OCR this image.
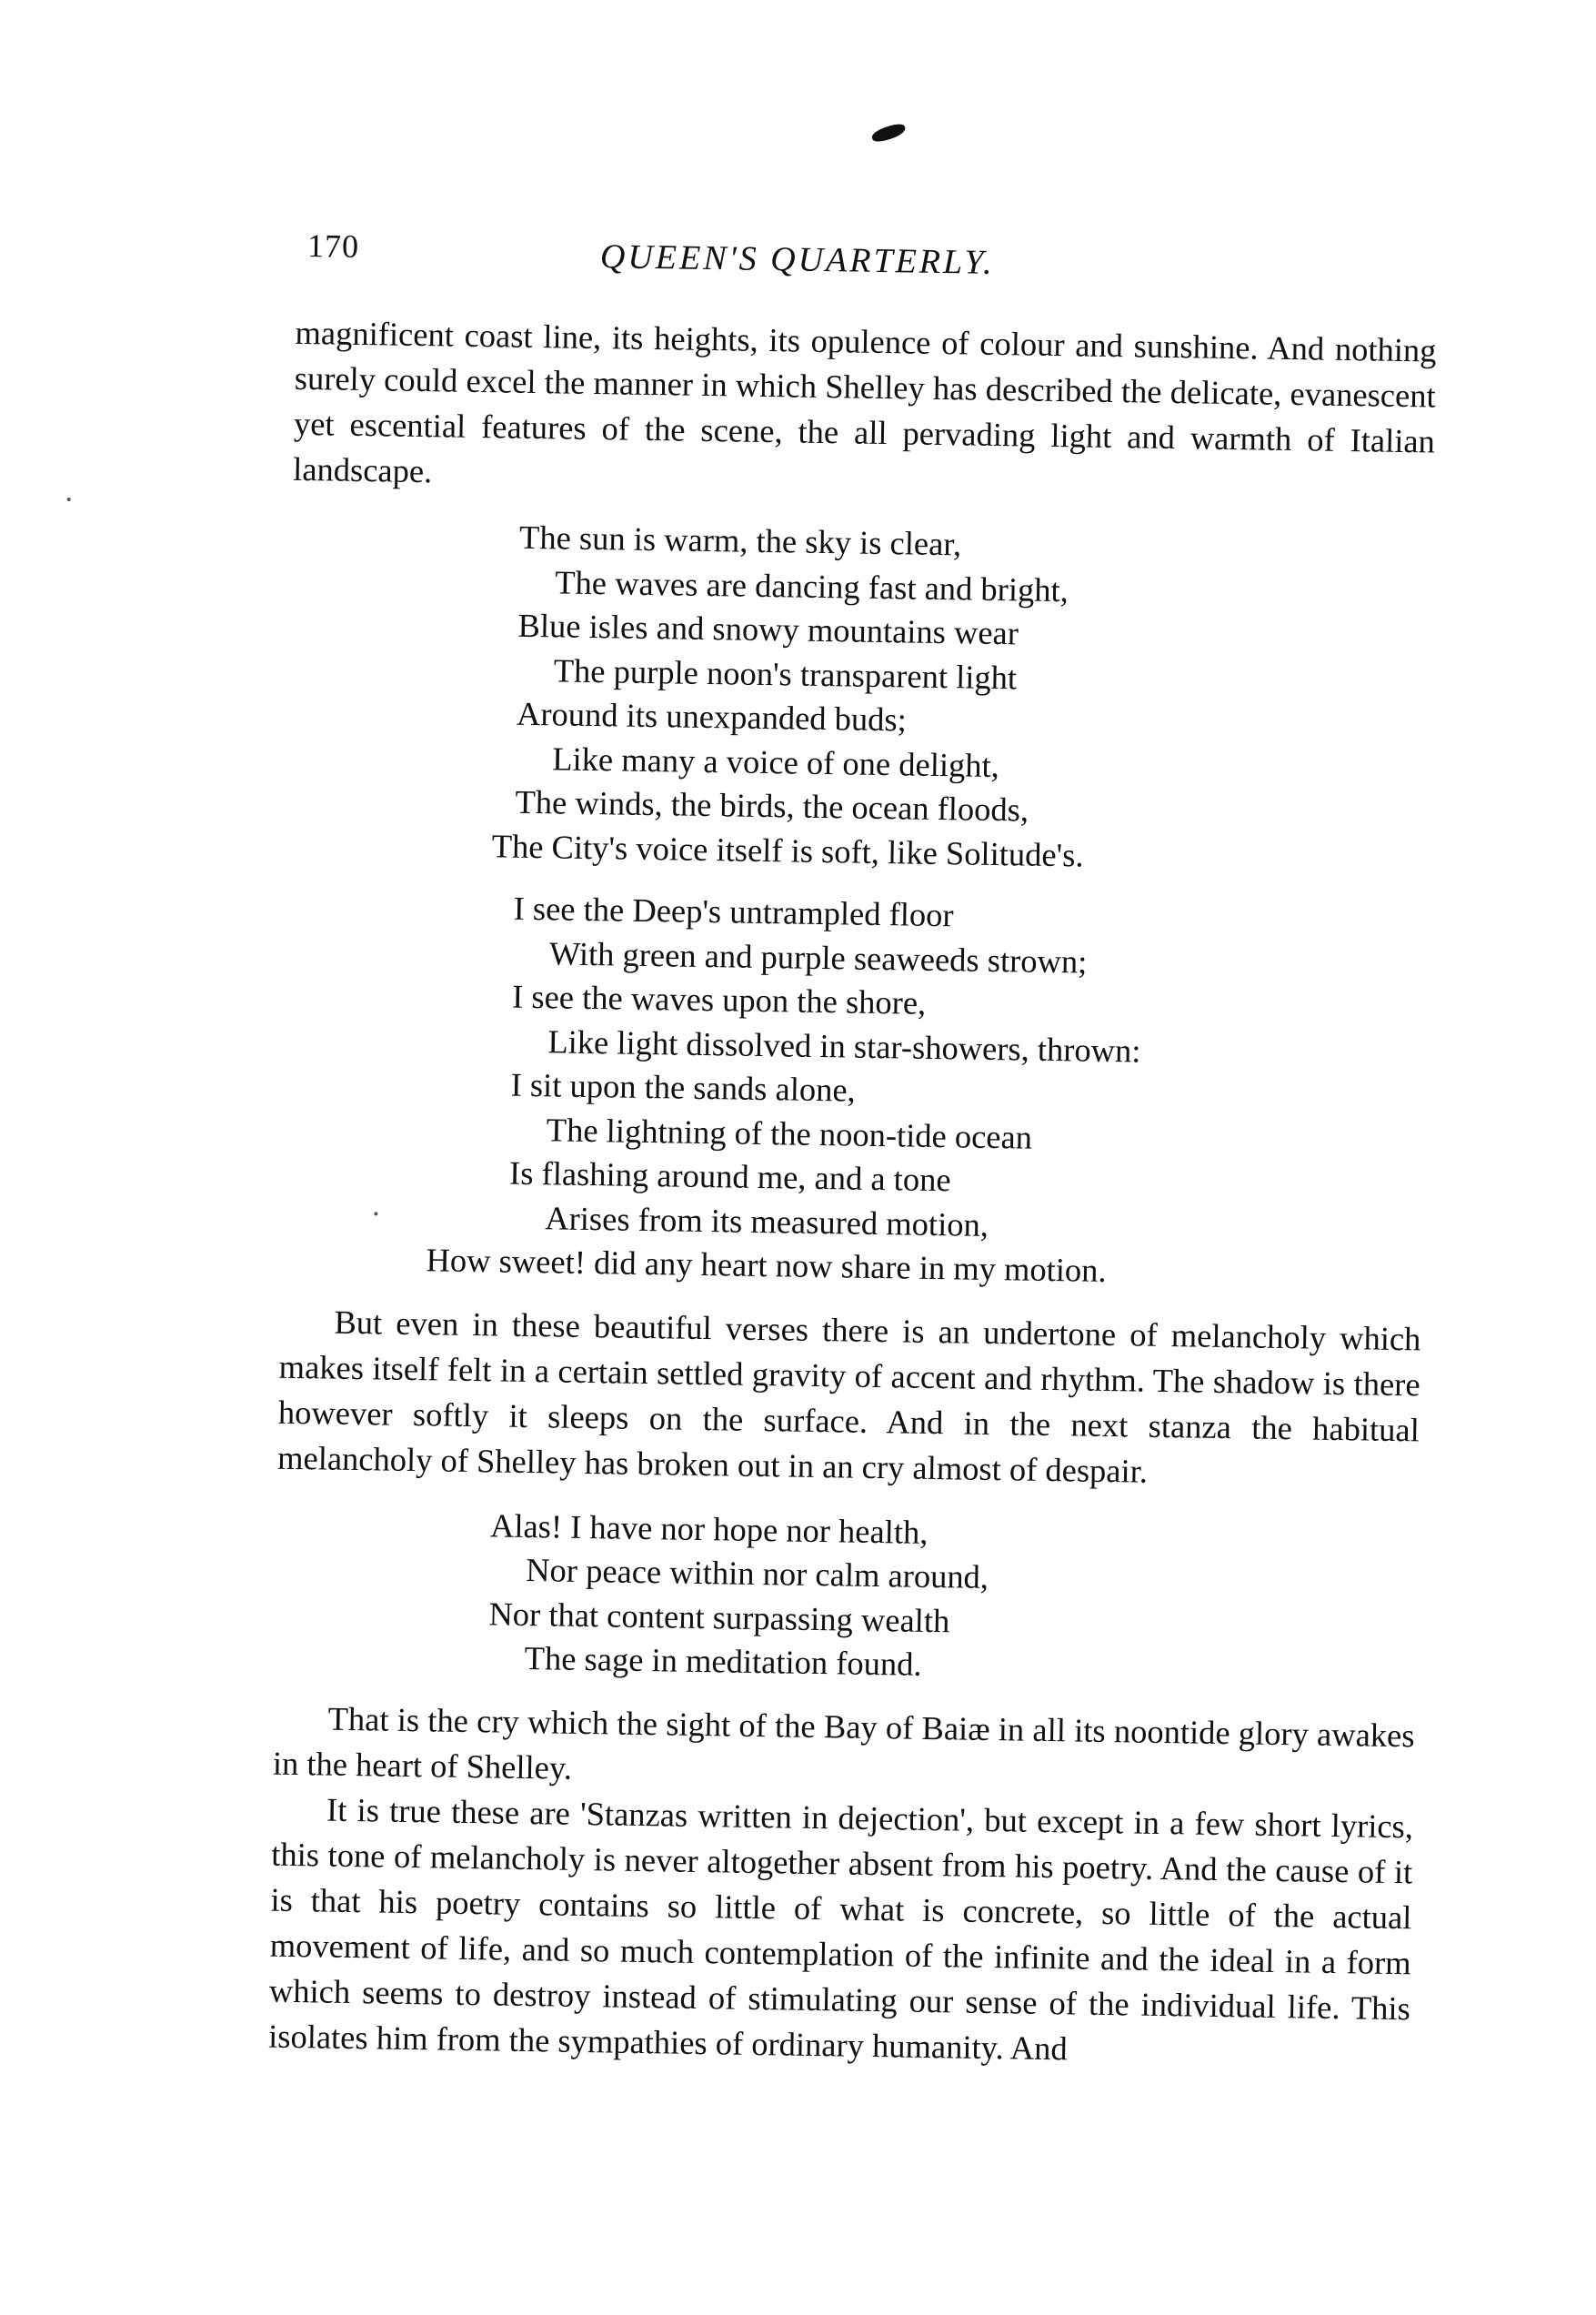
170	QUEEN'S QUARTERLY.

magnificent coast line, its heights, its opulence of colour and sunshine. And nothing surely could excel the manner in which Shelley has described the delicate, evanescent yet escential features of the scene, the all pervading light and warmth of Italian landscape.

The sun is warm, the sky is clear,
The waves are dancing fast and bright,
Blue isles and snowy mountains wear
The purple noon's transparent light
Around its unexpanded buds;
Like many a voice of one delight,
The winds, the birds, the ocean floods,
The City's voice itself is soft, like Solitude's.
I see the Deep's untrampled floor
With green and purple seaweeds strown;
I see the waves upon the shore,
Like light dissolved in star-showers, thrown:
I sit upon the sands alone,
The lightning of the noon-tide ocean
Is flashing around me, and a tone
Arises from its measured motion,
How sweet! did any heart now share in my motion.

But even in these beautiful verses there is an undertone of melancholy which makes itself felt in a certain settled gravity of accent and rhythm. The shadow is there however softly it sleeps on the surface. And in the next stanza the habitual melancholy of Shelley has broken out in an cry almost of despair.

Alas! I have nor hope nor health,
Nor peace within nor calm around,
Nor that content surpassing wealth
The sage in meditation found.

That is the cry which the sight of the Bay of Baiæ in all its noontide glory awakes in the heart of Shelley.

It is true these are 'Stanzas written in dejection', but except in a few short lyrics, this tone of melancholy is never altogether absent from his poetry. And the cause of it is that his poetry contains so little of what is concrete, so little of the actual movement of life, and so much contemplation of the infinite and the ideal in a form which seems to destroy instead of stimulating our sense of the individual life. This isolates him from the sympathies of ordinary humanity. And
